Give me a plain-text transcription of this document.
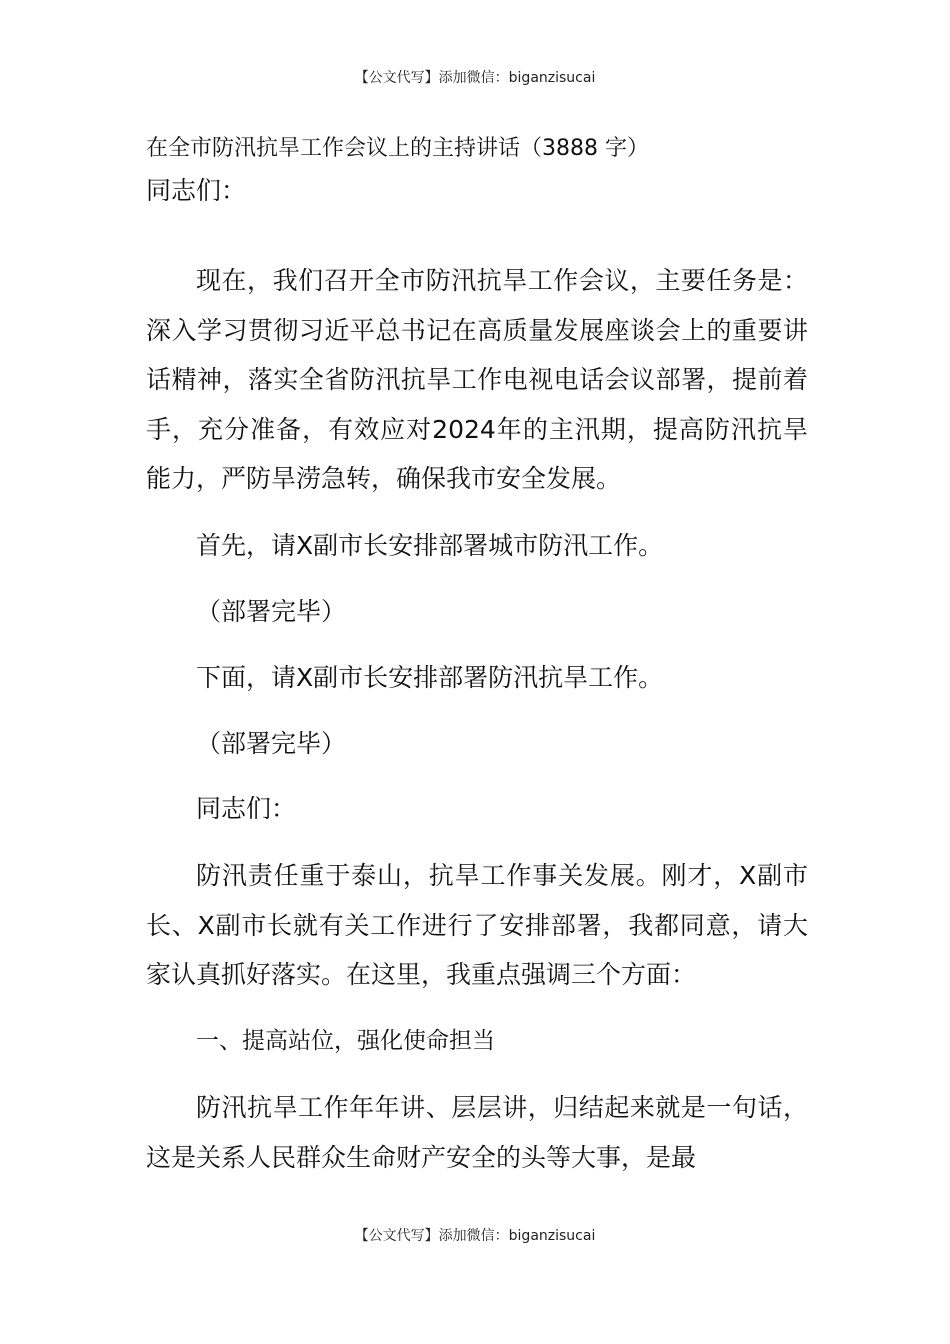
【公文代写】添加微信：biganzisucai

在全市防汛抗旱工作会议上的主持讲话（3888 字）

同志们：

现在，我们召开全市防汛抗旱工作会议，主要任务是：深入学习贯彻习近平总书记在高质量发展座谈会上的重要讲话精神，落实全省防汛抗旱工作电视电话会议部署，提前着手，充分准备，有效应对2024年的主汛期，提高防汛抗旱能力，严防旱涝急转，确保我市安全发展。

首先，请X副市长安排部署城市防汛工作。

（部署完毕）

下面，请X副市长安排部署防汛抗旱工作。

（部署完毕）

同志们：

防汛责任重于泰山，抗旱工作事关发展。刚才，X副市长、X副市长就有关工作进行了安排部署，我都同意，请大家认真抓好落实。在这里，我重点强调三个方面：

一、提高站位，强化使命担当

防汛抗旱工作年年讲、层层讲，归结起来就是一句话，这是关系人民群众生命财产安全的头等大事，是最

【公文代写】添加微信：biganzisucai
